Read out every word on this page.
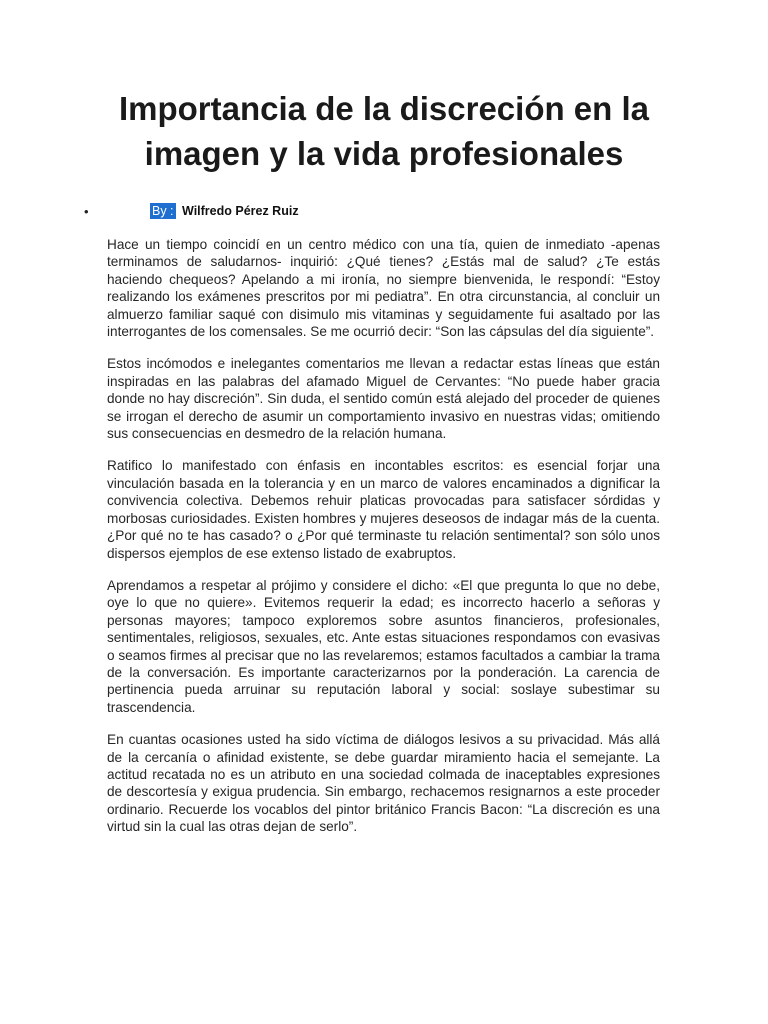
Importancia de la discreción en la imagen y la vida profesionales
•	By : Wilfredo Pérez Ruiz

Hace un tiempo coincidí en un centro médico con una tía, quien de inmediato -apenas terminamos de saludarnos- inquirió: ¿Qué tienes? ¿Estás mal de salud? ¿Te estás haciendo chequeos? Apelando a mi ironía, no siempre bienvenida, le respondí: “Estoy realizando los exámenes prescritos por mi pediatra”. En otra circunstancia, al concluir un almuerzo familiar saqué con disimulo mis vitaminas y seguidamente fui asaltado por las interrogantes de los comensales. Se me ocurrió decir: “Son las cápsulas del día siguiente”.

Estos incómodos e inelegantes comentarios me llevan a redactar estas líneas que están inspiradas en las palabras del afamado Miguel de Cervantes: “No puede haber gracia donde no hay discreción”. Sin duda, el sentido común está alejado del proceder de quienes se irrogan el derecho de asumir un comportamiento invasivo en nuestras vidas; omitiendo sus consecuencias en desmedro de la relación humana.

Ratifico lo manifestado con énfasis en incontables escritos: es esencial forjar una vinculación basada en la tolerancia y en un marco de valores encaminados a dignificar la convivencia colectiva. Debemos rehuir platicas provocadas para satisfacer sórdidas y morbosas curiosidades. Existen hombres y mujeres deseosos de indagar más de la cuenta. ¿Por qué no te has casado? o ¿Por qué terminaste tu relación sentimental? son sólo unos dispersos ejemplos de ese extenso listado de exabruptos.

Aprendamos a respetar al prójimo y considere el dicho: «El que pregunta lo que no debe, oye lo que no quiere». Evitemos requerir la edad; es incorrecto hacerlo a señoras y personas mayores; tampoco exploremos sobre asuntos financieros, profesionales, sentimentales, religiosos, sexuales, etc. Ante estas situaciones respondamos con evasivas o seamos firmes al precisar que no las revelaremos; estamos facultados a cambiar la trama de la conversación. Es importante caracterizarnos por la ponderación. La carencia de pertinencia pueda arruinar su reputación laboral y social: soslaye subestimar su trascendencia.

En cuantas ocasiones usted ha sido víctima de diálogos lesivos a su privacidad. Más allá de la cercanía o afinidad existente, se debe guardar miramiento hacia el semejante. La actitud recatada no es un atributo en una sociedad colmada de inaceptables expresiones de descortesía y exigua prudencia. Sin embargo, rechacemos resignarnos a este proceder ordinario. Recuerde los vocablos del pintor británico Francis Bacon: “La discreción es una virtud sin la cual las otras dejan de serlo”.
